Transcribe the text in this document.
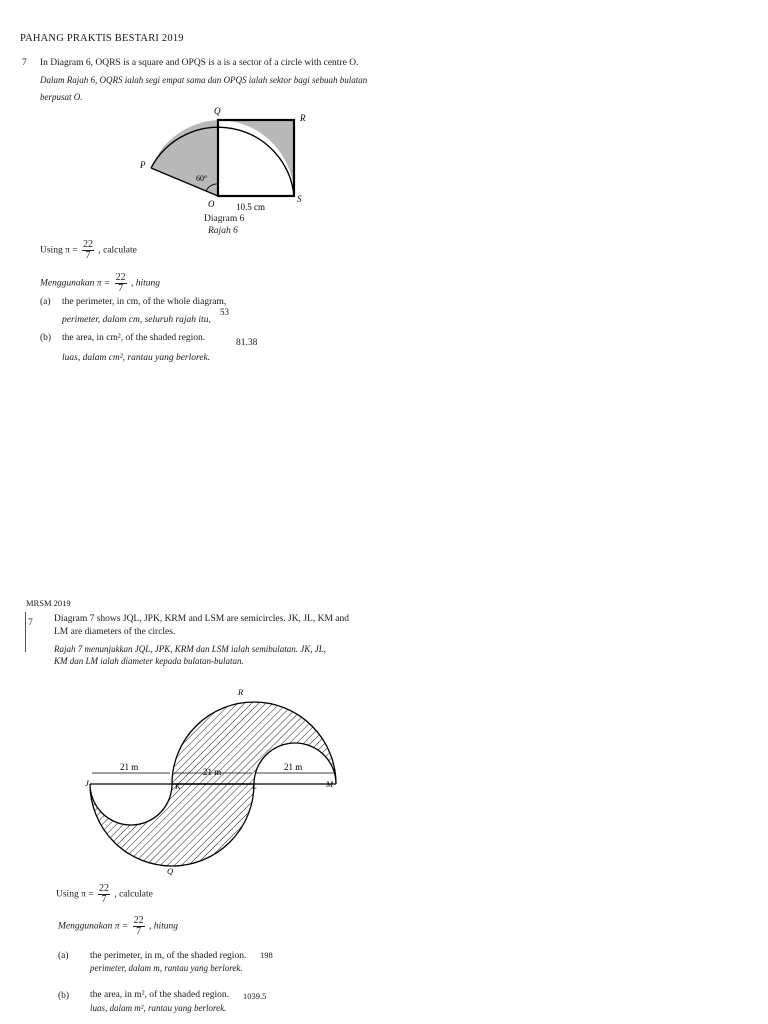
PAHANG PRAKTIS BESTARI 2019
7 In Diagram 6, OQRS is a square and OPQS is a is a sector of a circle with centre O.
Dalam Rajah 6, OQRS ialah segi empat sama dan OPQS ialah sektor bagi sebuah bulatan
berpusat O.
Q
R
P
O	S
60°
10.5 cm
Diagram 6
Rajah 6
Using $\pi = \frac{22}{7}$ , calculate
Menggunakan $\pi = \frac{22}{7}$ , hitung
(a) the perimeter, in cm, of the whole diagram,
perimeter, dalam cm, seluruh rajah itu,
53
(b) the area, in cm², of the shaded region.	81.38
luas, dalam cm², rantau yang berlorek.
MRSM 2019
7 Diagram 7 shows JQL, JPK, KRM and LSM are semicircles. JK, JL, KM and
LM are diameters of the circles.
Rajah 7 menunjukkan JQL, JPK, KRM dan LSM ialah semibulatan. JK, JL,
KM dan LM ialah diameter kepada bulatan-bulatan.
21 m	21 m	21 m
R
J	K	L	M
Q
Using $\pi = \frac{22}{7}$ , calculate
Menggunakan $\pi = \frac{22}{7}$ , hitung
(a) the perimeter, in m, of the shaded region. 198
perimeter, dalam m, rantau yang berlorek.
(b) the area, in m², of the shaded region. 1039.5
luas, dalam m², rantau yang berlorek.
